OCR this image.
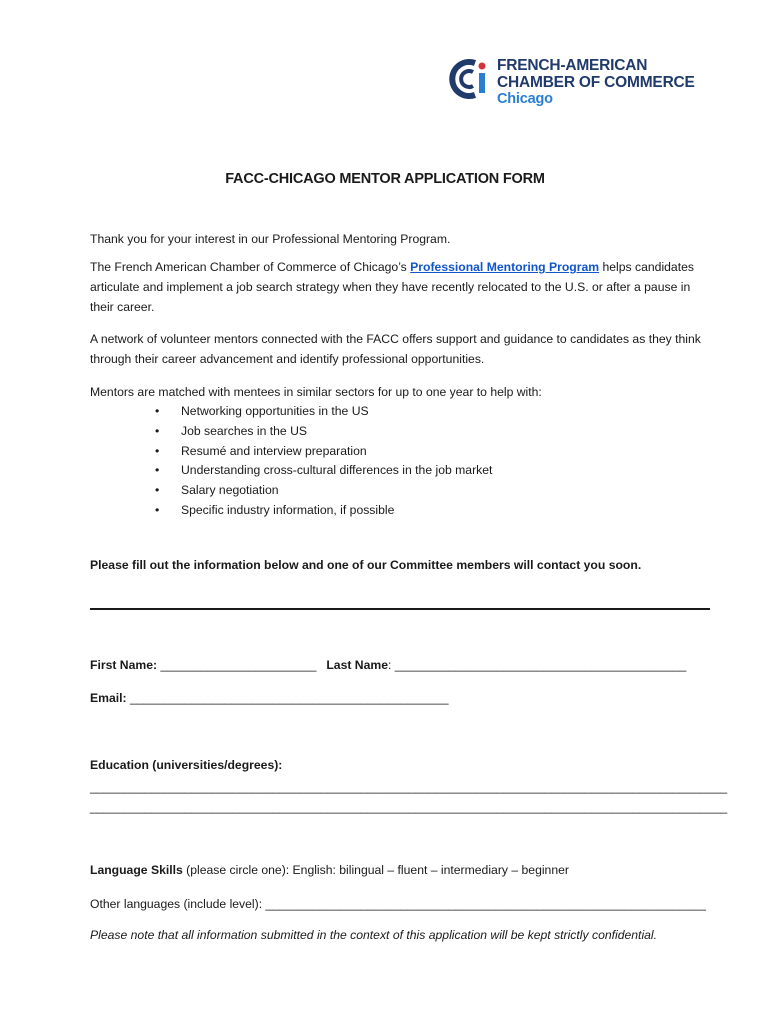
FRENCH-AMERICAN
CHAMBER OF COMMERCE
Chicago
FACC-CHICAGO MENTOR APPLICATION FORM

Thank you for your interest in our Professional Mentoring Program.

The French American Chamber of Commerce of Chicago’s Professional Mentoring Program helps candidates articulate and implement a job search strategy when they have recently relocated to the U.S. or after a pause in their career.

A network of volunteer mentors connected with the FACC offers support and guidance to candidates as they think through their career advancement and identify professional opportunities.

Mentors are matched with mentees in similar sectors for up to one year to help with:

• Networking opportunities in the US
• Job searches in the US
• Resumé and interview preparation
• Understanding cross-cultural differences in the job market
• Salary negotiation
• Specific industry information, if possible

Please fill out the information below and one of our Committee members will contact you soon.

First Name: _______________________ Last Name: ___________________________________________

Email: _______________________________________________

Education (universities/degrees):

______________________________________________________________________________________________

______________________________________________________________________________________________

Language Skills (please circle one): English: bilingual – fluent – intermediary – beginner

Other languages (include level): _________________________________________________________________

Please note that all information submitted in the context of this application will be kept strictly confidential.
